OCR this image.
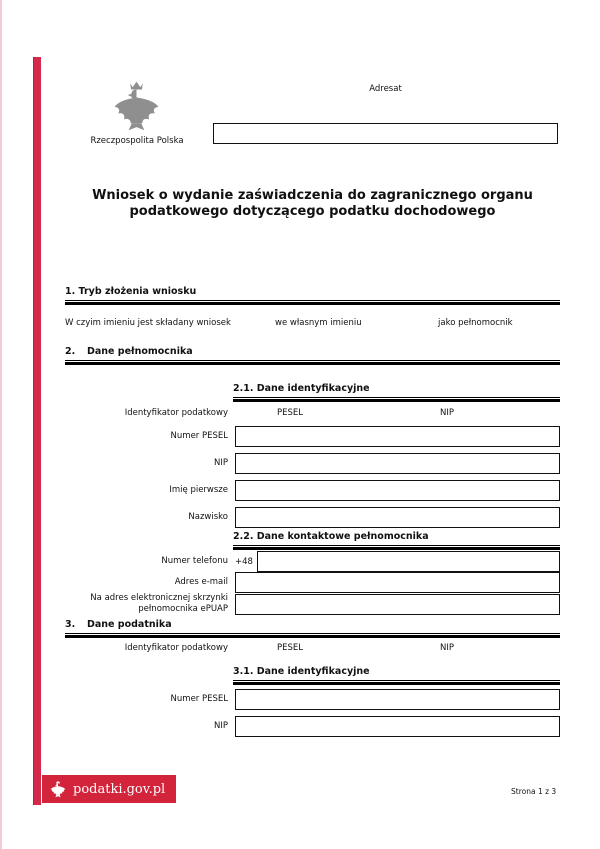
Rzeczpospolita Polska
Adresat
Wniosek o wydanie zaświadczenia do zagranicznego organu podatkowego dotyczącego podatku dochodowego
1. Tryb złożenia wniosku
W czyim imieniu jest składany wniosek	we własnym imieniu	jako pełnomocnik
2. Dane pełnomocnika
2.1. Dane identyfikacyjne
Identyfikator podatkowy	PESEL	NIP
Numer PESEL
NIP
Imię pierwsze
Nazwisko
2.2. Dane kontaktowe pełnomocnika
Numer telefonu +48
Adres e-mail
Na adres elektronicznej skrzynki pełnomocnika ePUAP
3. Dane podatnika
Identyfikator podatkowy	PESEL	NIP
3.1. Dane identyfikacyjne
Numer PESEL
NIP
podatki.gov.pl	Strona 1 z 3
